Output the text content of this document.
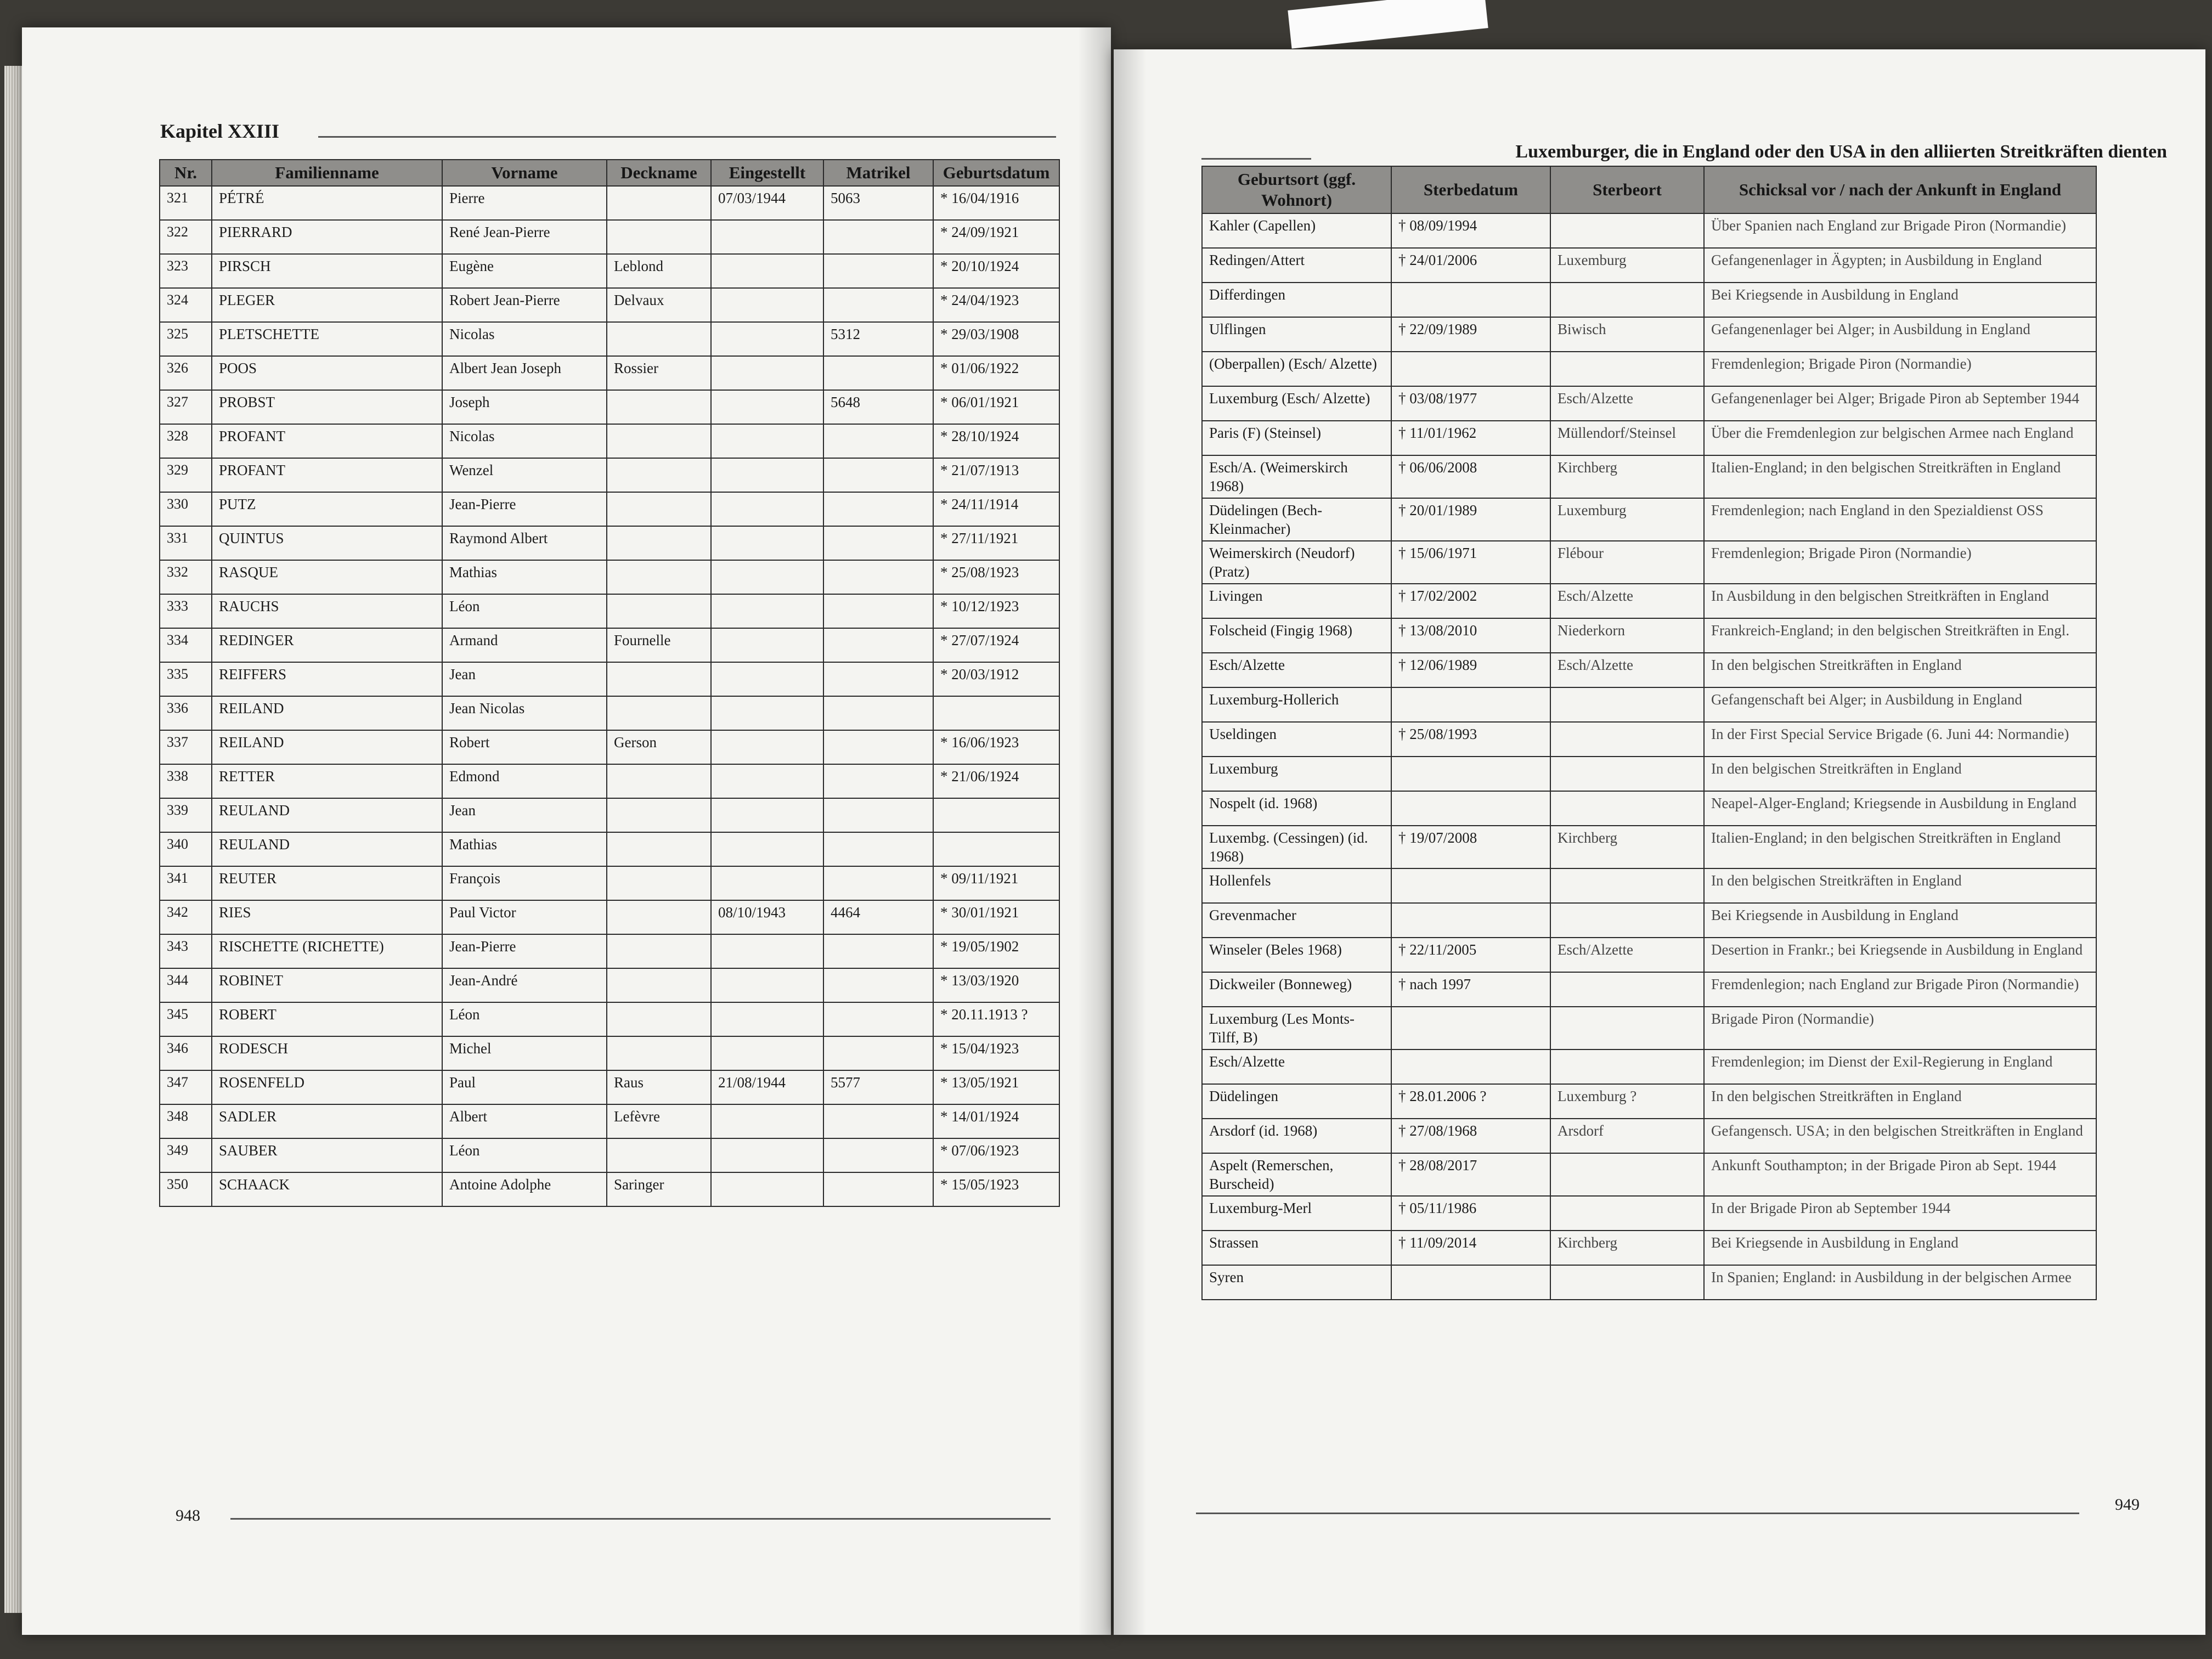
Kapitel XXIII
Nr.	Familienname	Vorname	Deckname	Eingestellt	Matrikel	Geburtsdatum
321	PÉTRÉ	Pierre		07/03/1944	5063	* 16/04/1916
322	PIERRARD	René Jean-Pierre				* 24/09/1921
323	PIRSCH	Eugène	Leblond			* 20/10/1924
324	PLEGER	Robert Jean-Pierre	Delvaux			* 24/04/1923
325	PLETSCHETTE	Nicolas			5312	* 29/03/1908
326	POOS	Albert Jean Joseph	Rossier			* 01/06/1922
327	PROBST	Joseph			5648	* 06/01/1921
328	PROFANT	Nicolas				* 28/10/1924
329	PROFANT	Wenzel				* 21/07/1913
330	PUTZ	Jean-Pierre				* 24/11/1914
331	QUINTUS	Raymond Albert				* 27/11/1921
332	RASQUE	Mathias				* 25/08/1923
333	RAUCHS	Léon				* 10/12/1923
334	REDINGER	Armand	Fournelle			* 27/07/1924
335	REIFFERS	Jean				* 20/03/1912
336	REILAND	Jean Nicolas				
337	REILAND	Robert	Gerson			* 16/06/1923
338	RETTER	Edmond				* 21/06/1924
339	REULAND	Jean				
340	REULAND	Mathias				
341	REUTER	François				* 09/11/1921
342	RIES	Paul Victor		08/10/1943	4464	* 30/01/1921
343	RISCHETTE (RICHETTE)	Jean-Pierre				* 19/05/1902
344	ROBINET	Jean-André				* 13/03/1920
345	ROBERT	Léon				* 20.11.1913 ?
346	RODESCH	Michel				* 15/04/1923
347	ROSENFELD	Paul	Raus	21/08/1944	5577	* 13/05/1921
348	SADLER	Albert	Lefèvre			* 14/01/1924
349	SAUBER	Léon				* 07/06/1923
350	SCHAACK	Antoine Adolphe	Saringer			* 15/05/1923
948
Luxemburger, die in England oder den USA in den alliierten Streitkräften dienten
Geburtsort (ggf. Wohnort)	Sterbedatum	Sterbeort	Schicksal vor / nach der Ankunft in England
Kahler (Capellen)	† 08/09/1994		Über Spanien nach England zur Brigade Piron (Normandie)
Redingen/Attert	† 24/01/2006	Luxemburg	Gefangenenlager in Ägypten; in Ausbildung in England
Differdingen			Bei Kriegsende in Ausbildung in England
Ulflingen	† 22/09/1989	Biwisch	Gefangenenlager bei Alger; in Ausbildung in England
(Oberpallen) (Esch/ Alzette)			Fremdenlegion; Brigade Piron (Normandie)
Luxemburg (Esch/ Alzette)	† 03/08/1977	Esch/Alzette	Gefangenenlager bei Alger; Brigade Piron ab September 1944
Paris (F) (Steinsel)	† 11/01/1962	Müllendorf/Steinsel	Über die Fremdenlegion zur belgischen Armee nach England
Esch/A. (Weimerskirch 1968)	† 06/06/2008	Kirchberg	Italien-England; in den belgischen Streitkräften in England
Düdelingen (Bech-Kleinmacher)	† 20/01/1989	Luxemburg	Fremdenlegion; nach England in den Spezialdienst OSS
Weimerskirch (Neudorf) (Pratz)	† 15/06/1971	Flébour	Fremdenlegion; Brigade Piron (Normandie)
Livingen	† 17/02/2002	Esch/Alzette	In Ausbildung in den belgischen Streitkräften in England
Folscheid (Fingig 1968)	† 13/08/2010	Niederkorn	Frankreich-England; in den belgischen Streitkräften in Engl.
Esch/Alzette	† 12/06/1989	Esch/Alzette	In den belgischen Streitkräften in England
Luxemburg-Hollerich			Gefangenschaft bei Alger; in Ausbildung in England
Useldingen	† 25/08/1993		In der First Special Service Brigade (6. Juni 44: Normandie)
Luxemburg			In den belgischen Streitkräften in England
Nospelt (id. 1968)			Neapel-Alger-England; Kriegsende in Ausbildung in England
Luxembg. (Cessingen) (id. 1968)	† 19/07/2008	Kirchberg	Italien-England; in den belgischen Streitkräften in England
Hollenfels			In den belgischen Streitkräften in England
Grevenmacher			Bei Kriegsende in Ausbildung in England
Winseler (Beles 1968)	† 22/11/2005	Esch/Alzette	Desertion in Frankr.; bei Kriegsende in Ausbildung in England
Dickweiler (Bonneweg)	† nach 1997		Fremdenlegion; nach England zur Brigade Piron (Normandie)
Luxemburg (Les Monts-Tilff, B)			Brigade Piron (Normandie)
Esch/Alzette			Fremdenlegion; im Dienst der Exil-Regierung in England
Düdelingen	† 28.01.2006 ?	Luxemburg ?	In den belgischen Streitkräften in England
Arsdorf (id. 1968)	† 27/08/1968	Arsdorf	Gefangensch. USA; in den belgischen Streitkräften in England
Aspelt (Remerschen, Burscheid)	† 28/08/2017		Ankunft Southampton; in der Brigade Piron ab Sept. 1944
Luxemburg-Merl	† 05/11/1986		In der Brigade Piron ab September 1944
Strassen	† 11/09/2014	Kirchberg	Bei Kriegsende in Ausbildung in England
Syren			In Spanien; England: in Ausbildung in der belgischen Armee
949
